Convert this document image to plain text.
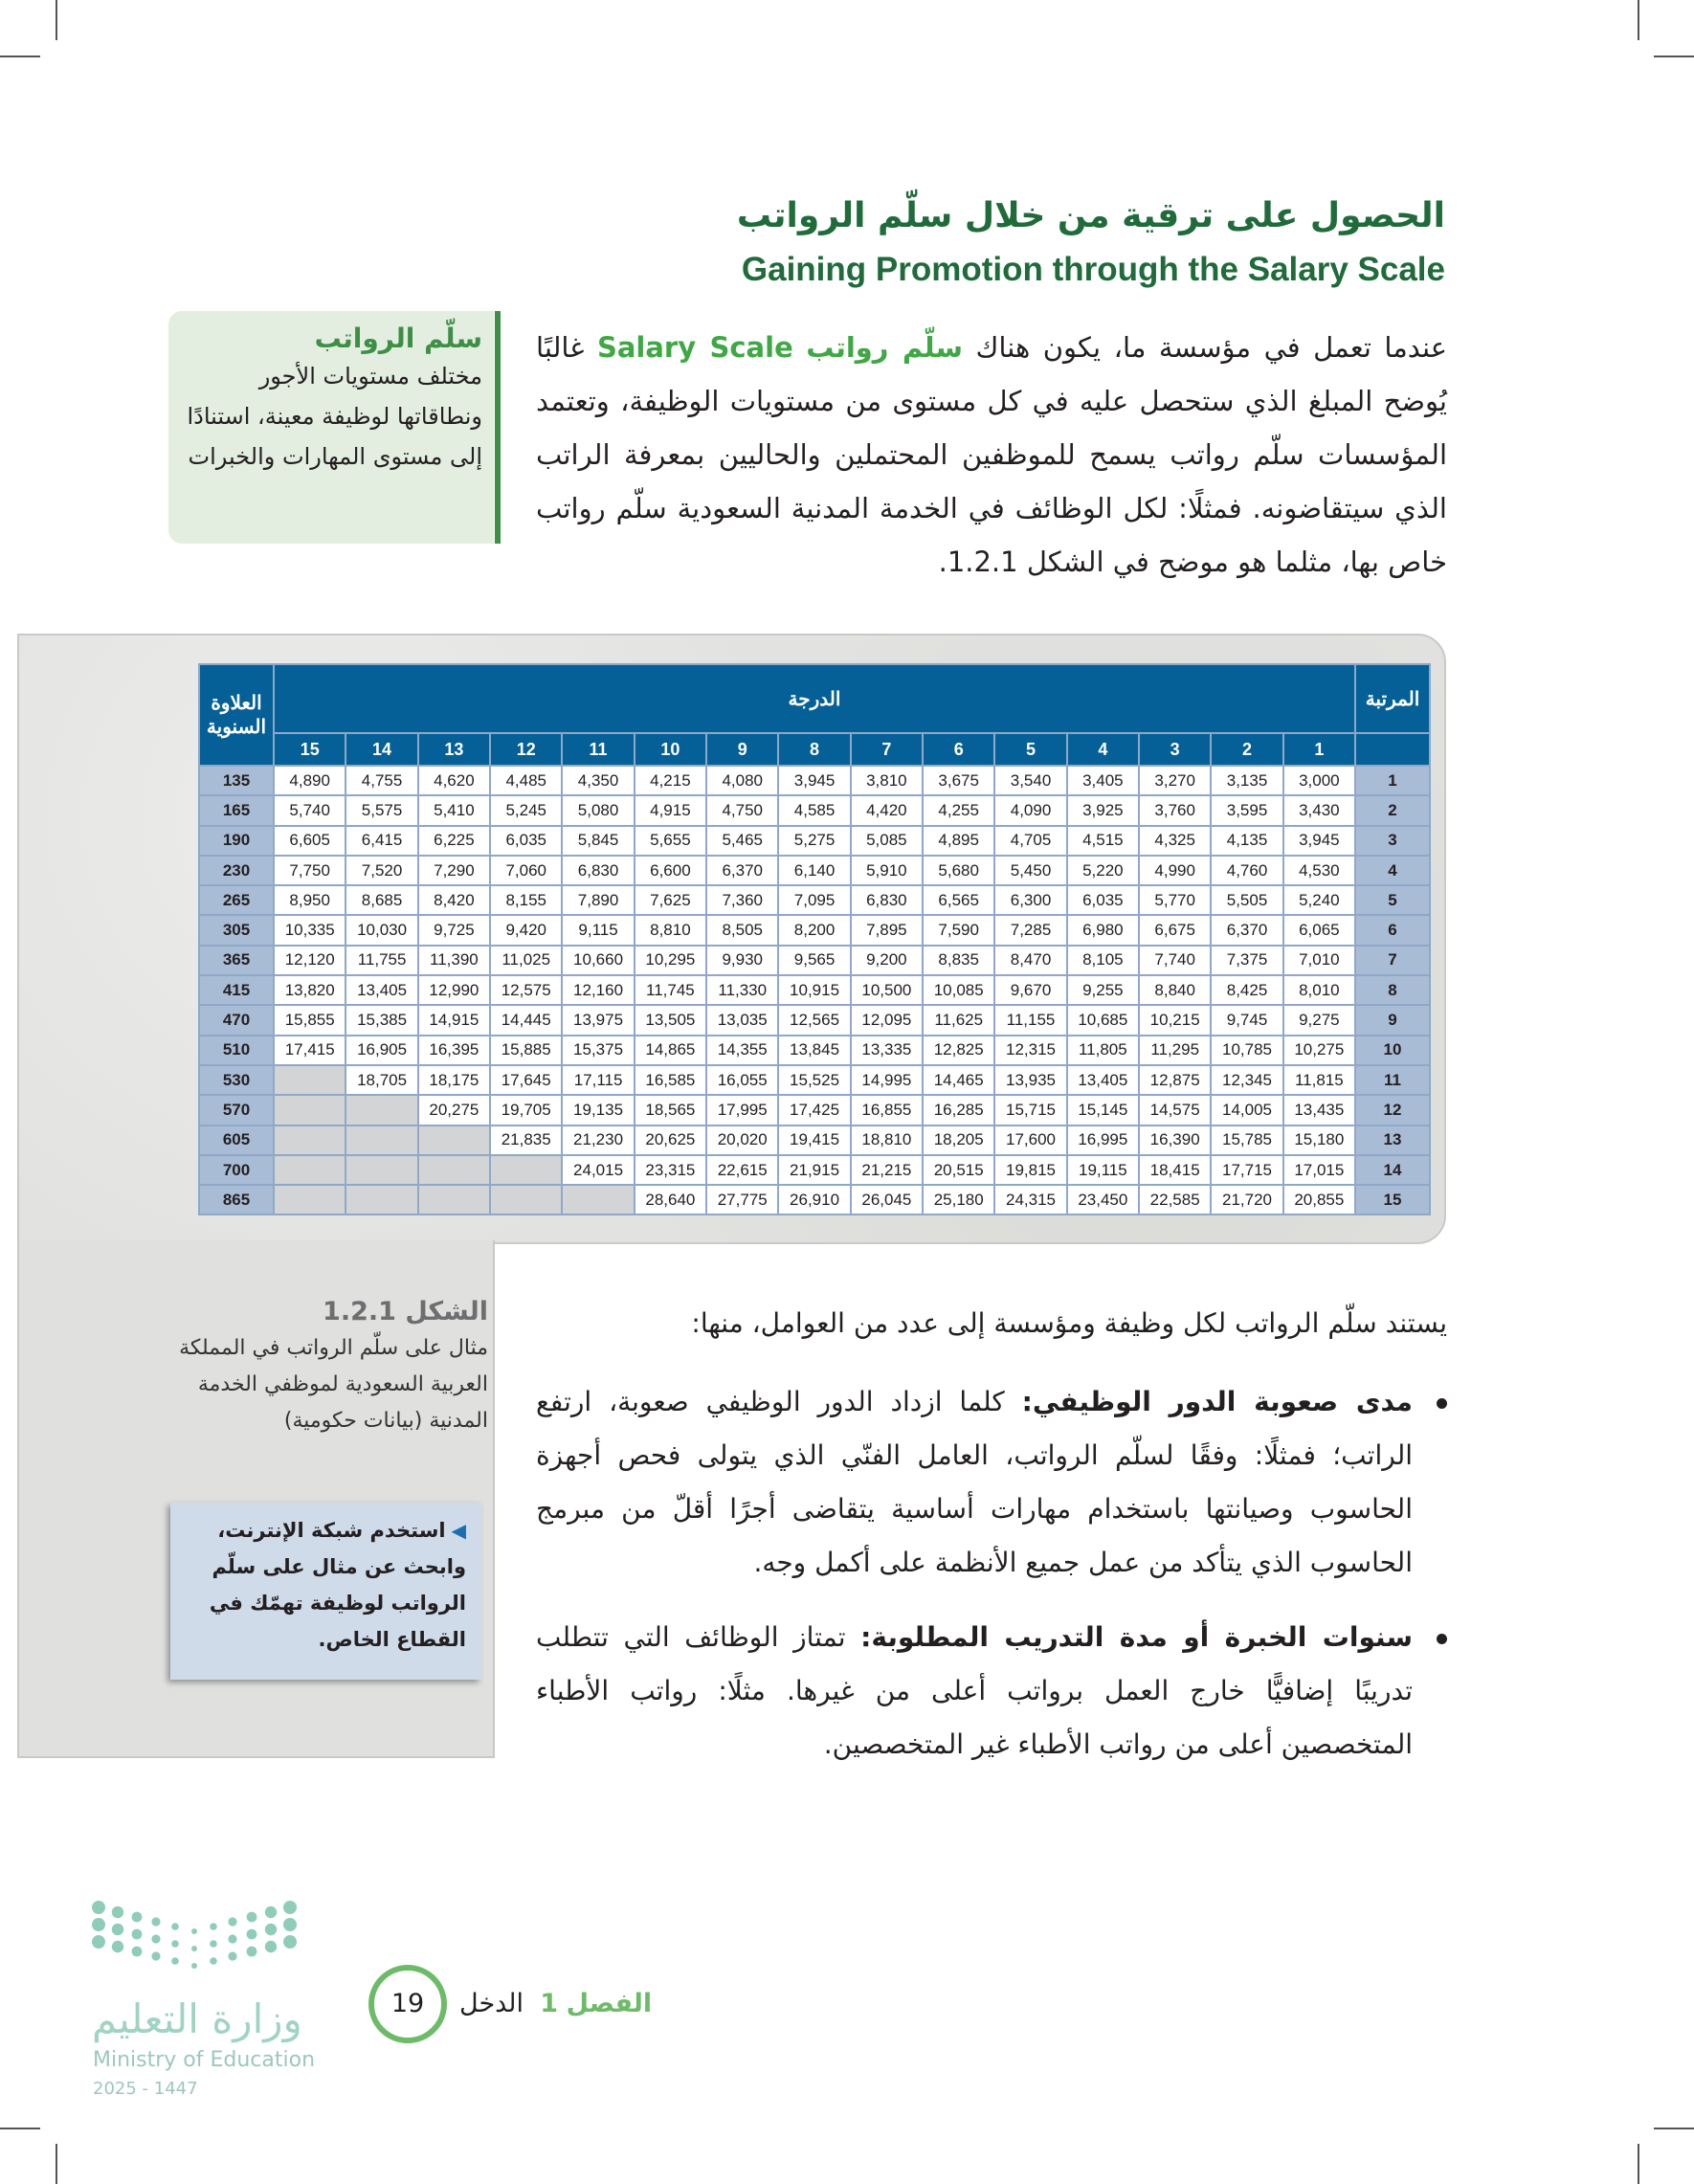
الحصول على ترقية من خلال سلّم الرواتب
Gaining Promotion through the Salary Scale
سلّم الرواتب

مختلف مستويات الأجور ونطاقاتها لوظيفة معينة، استنادًا إلى مستوى المهارات والخبرات

عندما تعمل في مؤسسة ما، يكون هناك سلّم رواتب Salary Scale غالبًا يُوضح المبلغ الذي ستحصل عليه في كل مستوى من مستويات الوظيفة، وتعتمد المؤسسات سلّم رواتب يسمح للموظفين المحتملين والحاليين بمعرفة الراتب الذي سيتقاضونه. فمثلًا: لكل الوظائف في الخدمة المدنية السعودية سلّم رواتب خاص بها، مثلما هو موضح في الشكل 1.2.1.
المرتبة	الدرجة															العلاوة السنوية
	1	2	3	4	5	6	7	8	9	10	11	12	13	14	15	
1	3,000	3,135	3,270	3,405	3,540	3,675	3,810	3,945	4,080	4,215	4,350	4,485	4,620	4,755	4,890	135
2	3,430	3,595	3,760	3,925	4,090	4,255	4,420	4,585	4,750	4,915	5,080	5,245	5,410	5,575	5,740	165
3	3,945	4,135	4,325	4,515	4,705	4,895	5,085	5,275	5,465	5,655	5,845	6,035	6,225	6,415	6,605	190
4	4,530	4,760	4,990	5,220	5,450	5,680	5,910	6,140	6,370	6,600	6,830	7,060	7,290	7,520	7,750	230
5	5,240	5,505	5,770	6,035	6,300	6,565	6,830	7,095	7,360	7,625	7,890	8,155	8,420	8,685	8,950	265
6	6,065	6,370	6,675	6,980	7,285	7,590	7,895	8,200	8,505	8,810	9,115	9,420	9,725	10,030	10,335	305
7	7,010	7,375	7,740	8,105	8,470	8,835	9,200	9,565	9,930	10,295	10,660	11,025	11,390	11,755	12,120	365
8	8,010	8,425	8,840	9,255	9,670	10,085	10,500	10,915	11,330	11,745	12,160	12,575	12,990	13,405	13,820	415
9	9,275	9,745	10,215	10,685	11,155	11,625	12,095	12,565	13,035	13,505	13,975	14,445	14,915	15,385	15,855	470
10	10,275	10,785	11,295	11,805	12,315	12,825	13,335	13,845	14,355	14,865	15,375	15,885	16,395	16,905	17,415	510
11	11,815	12,345	12,875	13,405	13,935	14,465	14,995	15,525	16,055	16,585	17,115	17,645	18,175	18,705		530
12	13,435	14,005	14,575	15,145	15,715	16,285	16,855	17,425	17,995	18,565	19,135	19,705	20,275			570
13	15,180	15,785	16,390	16,995	17,600	18,205	18,810	19,415	20,020	20,625	21,230	21,835				605
14	17,015	17,715	18,415	19,115	19,815	20,515	21,215	21,915	22,615	23,315	24,015					700
15	20,855	21,720	22,585	23,450	24,315	25,180	26,045	26,910	27,775	28,640						865
الشكل 1.2.1

مثال على سلّم الرواتب في المملكة العربية السعودية لموظفي الخدمة المدنية (بيانات حكومية)

◀استخدم شبكة الإنترنت، وابحث عن مثال على سلّم الرواتب لوظيفة تهمّك في القطاع الخاص.

يستند سلّم الرواتب لكل وظيفة ومؤسسة إلى عدد من العوامل، منها:

مدى صعوبة الدور الوظيفي: كلما ازداد الدور الوظيفي صعوبة، ارتفع الراتب؛ فمثلًا: وفقًا لسلّم الرواتب، العامل الفنّي الذي يتولى فحص أجهزة الحاسوب وصيانتها باستخدام مهارات أساسية يتقاضى أجرًا أقلّ من مبرمج الحاسوب الذي يتأكد من عمل جميع الأنظمة على أكمل وجه.
سنوات الخبرة أو مدة التدريب المطلوبة: تمتاز الوظائف التي تتطلب تدريبًا إضافيًّا خارج العمل برواتب أعلى من غيرها. مثلًا: رواتب الأطباء المتخصصين أعلى من رواتب الأطباء غير المتخصصين.
وزارة التعليم
Ministry of Education
2025 - 1447
19	الفصل 1  الدخل
